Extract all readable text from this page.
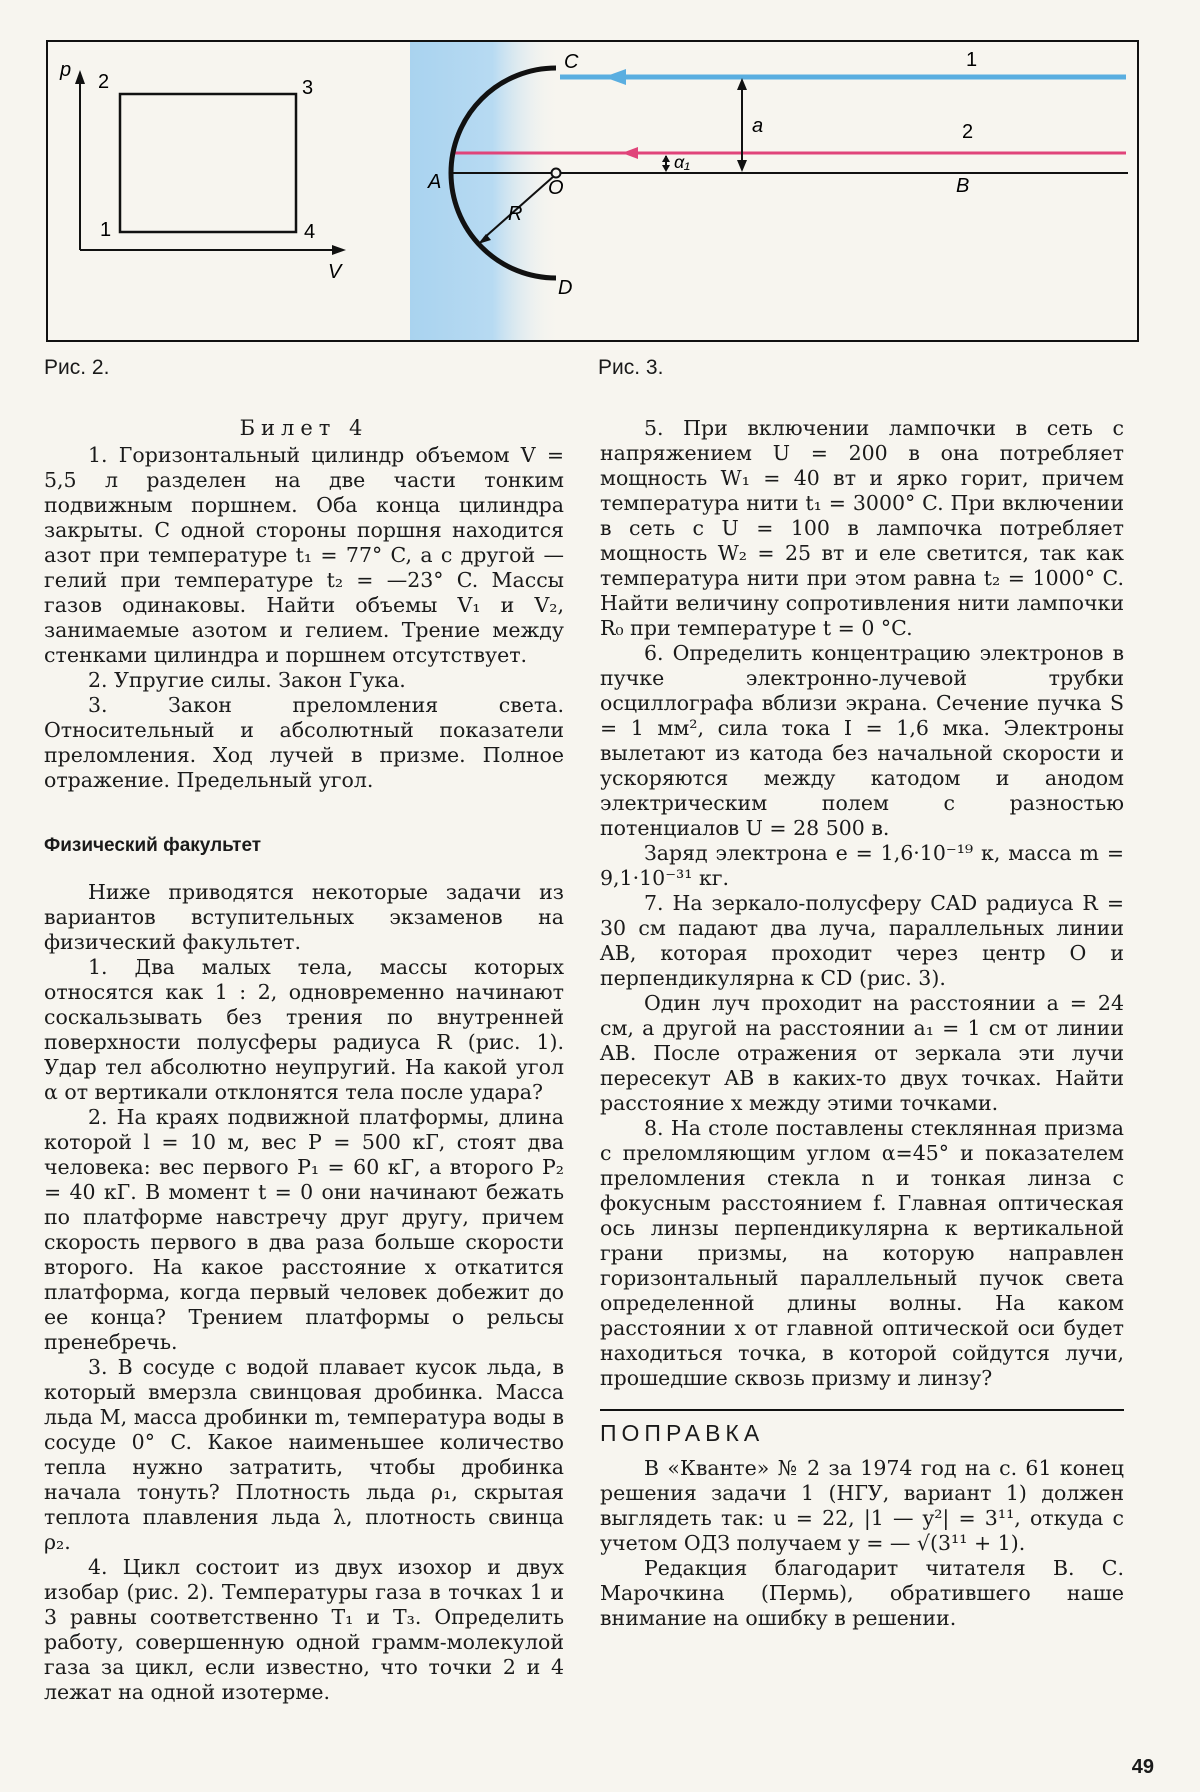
p
V
1
2	3
4
C
A
D
O	B
R
a
α₁
1
2
Рис. 2.	Рис. 3.
Билет 4

1. Горизонтальный цилиндр объемом V = 5,5 л разделен на две части тонким подвижным поршнем. Оба конца цилиндра закрыты. С одной стороны поршня находится азот при температуре t₁ = 77° C, а с другой — гелий при температуре t₂ = —23° C. Массы газов одинаковы. Найти объемы V₁ и V₂, занимаемые азотом и гелием. Трение между стенками цилиндра и поршнем отсутствует.

2. Упругие силы. Закон Гука.

3. Закон преломления света. Относительный и абсолютный показатели преломления. Ход лучей в призме. Полное отражение. Предельный угол.

Физический факультет

Ниже приводятся некоторые задачи из вариантов вступительных экзаменов на физический факультет.

1. Два малых тела, массы которых относятся как 1 : 2, одновременно начинают соскальзывать без трения по внутренней поверхности полусферы радиуса R (рис. 1). Удар тел абсолютно неупругий. На какой угол α от вертикали отклонятся тела после удара?

2. На краях подвижной платформы, длина которой l = 10 м, вес P = 500 кГ, стоят два человека: вес первого P₁ = 60 кГ, а второго P₂ = 40 кГ. В момент t = 0 они начинают бежать по платформе навстречу друг другу, причем скорость первого в два раза больше скорости второго. На какое расстояние x откатится платформа, когда первый человек добежит до ее конца? Трением платформы о рельсы пренебречь.

3. В сосуде с водой плавает кусок льда, в который вмерзла свинцовая дробинка. Масса льда M, масса дробинки m, температура воды в сосуде 0° C. Какое наименьшее количество тепла нужно затратить, чтобы дробинка начала тонуть? Плотность льда ρ₁, скрытая теплота плавления льда λ, плотность свинца ρ₂.

4. Цикл состоит из двух изохор и двух изобар (рис. 2). Температуры газа в точках 1 и 3 равны соответственно T₁ и T₃. Определить работу, совершенную одной грамм-молекулой газа за цикл, если известно, что точки 2 и 4 лежат на одной изотерме.

5. При включении лампочки в сеть с напряжением U = 200 в она потребляет мощность W₁ = 40 вт и ярко горит, причем температура нити t₁ = 3000° C. При включении в сеть с U = 100 в лампочка потребляет мощность W₂ = 25 вт и еле светится, так как температура нити при этом равна t₂ = 1000° C. Найти величину сопротивления нити лампочки R₀ при температуре t = 0 °C.

6. Определить концентрацию электронов в пучке электронно-лучевой трубки осциллографа вблизи экрана. Сечение пучка S = 1 мм², сила тока I = 1,6 мка. Электроны вылетают из катода без начальной скорости и ускоряются между катодом и анодом электрическим полем с разностью потенциалов U = 28 500 в.

Заряд электрона e = 1,6·10⁻¹⁹ к, масса m = 9,1·10⁻³¹ кг.

7. На зеркало-полусферу CAD радиуса R = 30 см падают два луча, параллельных линии AB, которая проходит через центр O и перпендикулярна к CD (рис. 3).

Один луч проходит на расстоянии a = 24 см, а другой на расстоянии a₁ = 1 см от линии AB. После отражения от зеркала эти лучи пересекут AB в каких-то двух точках. Найти расстояние x между этими точками.

8. На столе поставлены стеклянная призма с преломляющим углом α=45° и показателем преломления стекла n и тонкая линза с фокусным расстоянием f. Главная оптическая ось линзы перпендикулярна к вертикальной грани призмы, на которую направлен горизонтальный параллельный пучок света определенной длины волны. На каком расстоянии x от главной оптической оси будет находиться точка, в которой сойдутся лучи, прошедшие сквозь призму и линзу?

ПОПРАВКА

В «Кванте» № 2 за 1974 год на с. 61 конец решения задачи 1 (НГУ, вариант 1) должен выглядеть так: u = 22, |1 — y²| = 3¹¹, откуда с учетом ОДЗ получаем y = — √(3¹¹ + 1).

Редакция благодарит читателя В. С. Марочкина (Пермь), обратившего наше внимание на ошибку в решении.

49
